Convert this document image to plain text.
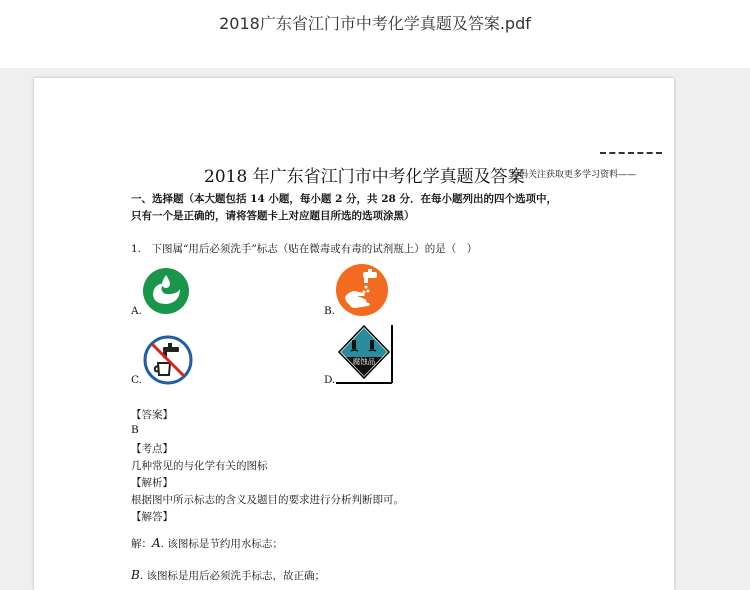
2018广东省江门市中考化学真题及答案.pdf
2018 年广东省江门市中考化学真题及答案
扫码关注获取更多学习资料——
一、选择题（本大题包括 14 小题，每小题 2 分，共 28 分．在每小题列出的四个选项中，
只有一个是正确的，请将答题卡上对应题目所选的选项涂黑）
1.　下图属“用后必须洗手”标志（贴在微毒或有毒的试剂瓶上）的是（　）
A.	B.
C.
腐蚀品
D.
【答案】
B
【考点】
几种常见的与化学有关的图标
【解析】
根据图中所示标志的含义及题目的要求进行分析判断即可。
【解答】
解：A. 该图标是节约用水标志；
B. 该图标是用后必须洗手标志，故正确；
